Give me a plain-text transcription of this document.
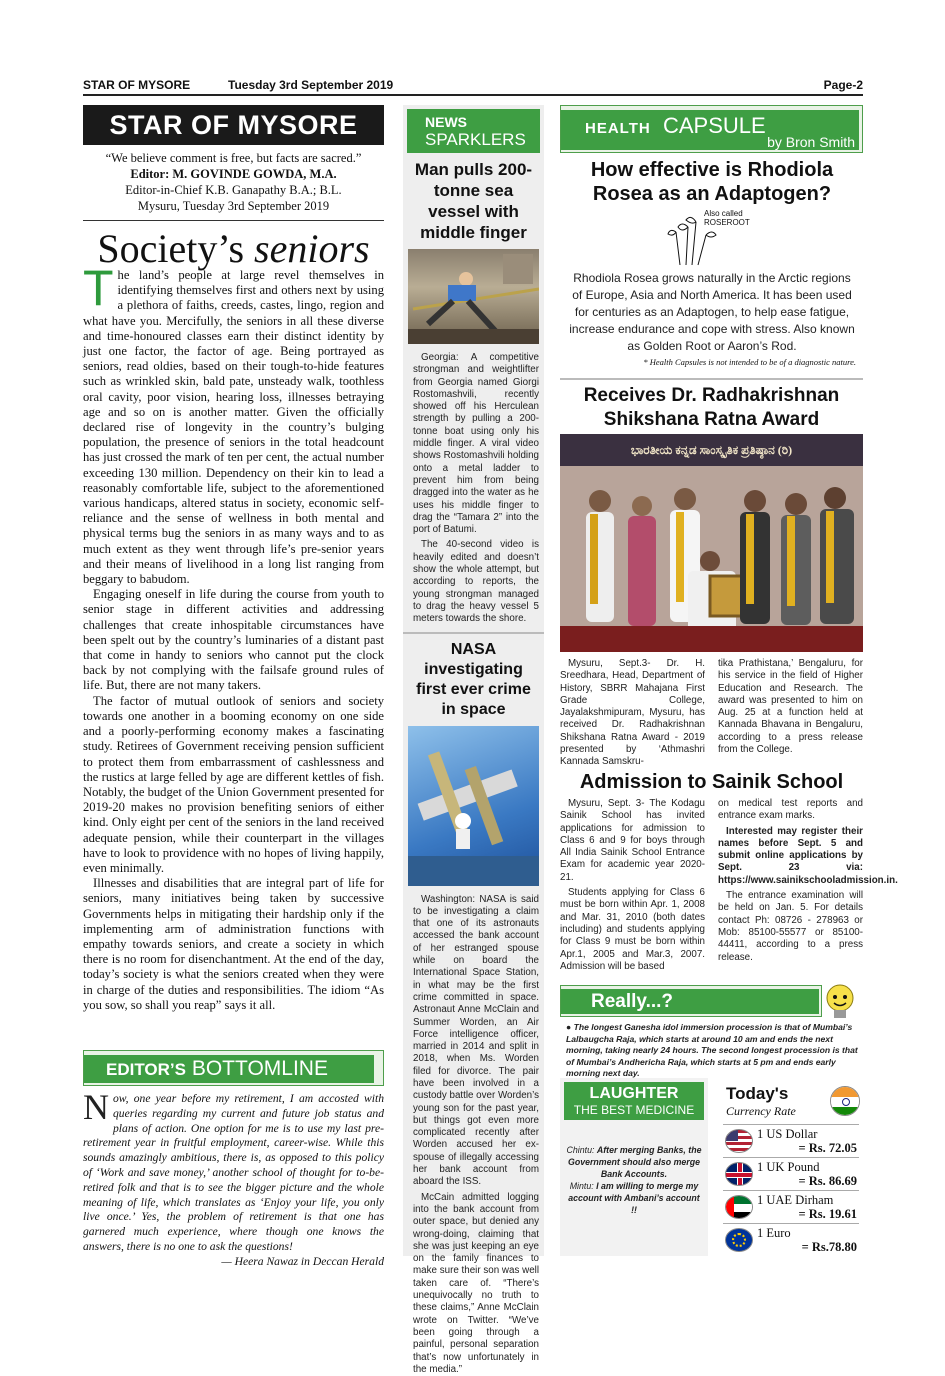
STAR OF MYSORE	Tuesday 3rd September 2019	Page-2
STAR OF MYSORE
“We believe comment is free, but facts are sacred.”
Editor: M. GOVINDE GOWDA, M.A.
Editor-in-Chief K.B. Ganapathy B.A.; B.L.
Mysuru, Tuesday 3rd September 2019
Society’s seniors

The land’s people at large revel themselves in identifying themselves first and others next by using a plethora of faiths, creeds, castes, lingo, region and what have you. Mercifully, the seniors in all these diverse and time-honoured classes earn their distinct identity by just one factor, the factor of age. Being portrayed as seniors, read oldies, based on their tough-to-hide features such as wrinkled skin, bald pate, unsteady walk, toothless oral cavity, poor vision, hearing loss, illnesses betraying age and so on is another matter. Given the officially declared rise of longevity in the country’s bulging population, the presence of seniors in the total headcount has just crossed the mark of ten per cent, the actual number exceeding 130 million. Dependency on their kin to lead a reasonably comfortable life, subject to the aforementioned various handicaps, altered status in society, economic self-reliance and the sense of wellness in both mental and physical terms bug the seniors in as many ways and to as much extent as they went through life’s pre-senior years and their means of livelihood in a long list ranging from beggary to babudom.

Engaging oneself in life during the course from youth to senior stage in different activities and addressing challenges that create inhospitable circumstances have been spelt out by the country’s luminaries of a distant past that come in handy to seniors who cannot put the clock back by not complying with the failsafe ground rules of life. But, there are not many takers.

The factor of mutual outlook of seniors and society towards one another in a booming economy on one side and a poorly-performing economy makes a fascinating study. Retirees of Government receiving pension sufficient to protect them from embarrassment of cashlessness and the rustics at large felled by age are different kettles of fish. Notably, the budget of the Union Government presented for 2019-20 makes no provision benefiting seniors of either kind. Only eight per cent of the seniors in the land received adequate pension, while their counterpart in the villages have to look to providence with no hopes of living happily, even minimally.

Illnesses and disabilities that are integral part of life for seniors, many initiatives being taken by successive Governments helps in mitigating their hardship only if the implementing arm of administration functions with empathy towards seniors, and create a society in which there is no room for disenchantment. At the end of the day, today’s society is what the seniors created when they were in charge of the duties and responsibilities. The idiom “As you sow, so shall you reap” says it all.

EDITOR’S BOTTOMLINE

Now, one year before my retirement, I am accosted with queries regarding my current and future job status and plans of action. One option for me is to use my last pre-retirement year in fruitful employment, career-wise. While this sounds amazingly ambitious, there is, as opposed to this policy of ‘Work and save money,’ another school of thought for to-be-retired folk and that is to see the bigger picture and the whole meaning of life, which translates as ‘Enjoy your life, you only live once.’ Yes, the problem of retirement is that one has garnered much experience, where though one knows the answers, there is no one to ask the questions!

— Heera Nawaz in Deccan Herald
NEWS
SPARKLERS
Man pulls 200-tonne sea vessel with middle finger

Georgia: A competitive strongman and weightlifter from Georgia named Giorgi Rostomashvili, recently showed off his Herculean strength by pulling a 200-tonne boat using only his middle finger. A viral video shows Rostomashvili holding onto a metal ladder to prevent him from being dragged into the water as he uses his middle finger to drag the “Tamara 2” into the port of Batumi.

The 40-second video is heavily edited and doesn’t show the whole attempt, but according to reports, the young strongman managed to drag the heavy vessel 5 meters towards the shore.

NASA investigating first ever crime in space

Washington: NASA is said to be investigating a claim that one of its astronauts accessed the bank account of her estranged spouse while on board the International Space Station, in what may be the first crime committed in space. Astronaut Anne McClain and Summer Worden, an Air Force intelligence officer, married in 2014 and split in 2018, when Ms. Worden filed for divorce. The pair have been involved in a custody battle over Worden’s young son for the past year, but things got even more complicated recently after Worden accused her ex-spouse of illegally accessing her bank account from aboard the ISS.

McCain admitted logging into the bank account from outer space, but denied any wrong-doing, claiming that she was just keeping an eye on the family finances to make sure their son was well taken care of. “There’s unequivocally no truth to these claims,” Anne McClain wrote on Twitter. “We’ve been going through a painful, personal separation that’s now unfortunately in the media.”

HEALTH CAPSULE
by Bron Smith
How effective is Rhodiola Rosea as an Adaptogen?
Also called ROSEROOT
Rhodiola Rosea grows naturally in the Arctic regions of Europe, Asia and North America. It has been used for centuries as an Adaptogen, to help ease fatigue, increase endurance and cope with stress. Also known as Golden Root or Aaron’s Rod.
* Health Capsules is not intended to be of a diagnostic nature.
Receives Dr. Radhakrishnan Shikshana Ratna Award
ಭಾರತೀಯ ಕನ್ನಡ ಸಾಂಸ್ಕೃತಿಕ ಪ್ರತಿಷ್ಠಾನ (ರಿ)

Mysuru, Sept.3- Dr. H. Sreedhara, Head, Department of History, SBRR Mahajana First Grade College, Jayalakshmipuram, Mysuru, has received Dr. Radhakrishnan Shikshana Ratna Award - 2019 presented by ‘Athmashri Kannada Samskru-

tika Prathistana,’ Bengaluru, for his service in the field of Higher Education and Research. The award was presented to him on Aug. 25 at a function held at Kannada Bhavana in Bengaluru, according to a press release from the College.

Admission to Sainik School

Mysuru, Sept. 3- The Kodagu Sainik School has invited applications for admission to Class 6 and 9 for boys through All India Sainik School Entrance Exam for academic year 2020-21.

Students applying for Class 6 must be born within Apr. 1, 2008 and Mar. 31, 2010 (both dates including) and students applying for Class 9 must be born within Apr.1, 2005 and Mar.3, 2007. Admission will be based

on medical test reports and entrance exam marks.

Interested may register their names before Sept. 5 and submit online applications by Sept. 23 via: https://www.sainikschooladmission.in.

The entrance examination will be held on Jan. 5. For details contact Ph: 08726 - 278963 or Mob: 85100-55577 or 85100-44411, according to a press release.

Really...?
● The longest Ganesha idol immersion procession is that of Mumbai’s Lalbaugcha Raja, which starts at around 10 am and ends the next morning, taking nearly 24 hours. The second longest procession is that of Mumbai’s Andhericha Raja, which starts at 5 pm and ends early morning next day.
LAUGHTER
THE BEST MEDICINE
Chintu: After merging Banks, the Government should also merge Bank Accounts.
Mintu: I am willing to merge my account with Ambani’s account !!
Today's
Currency Rate
1 US Dollar
= Rs. 72.05
1 UK Pound
= Rs. 86.69
1 UAE Dirham
= Rs. 19.61
1 Euro
= Rs.78.80
